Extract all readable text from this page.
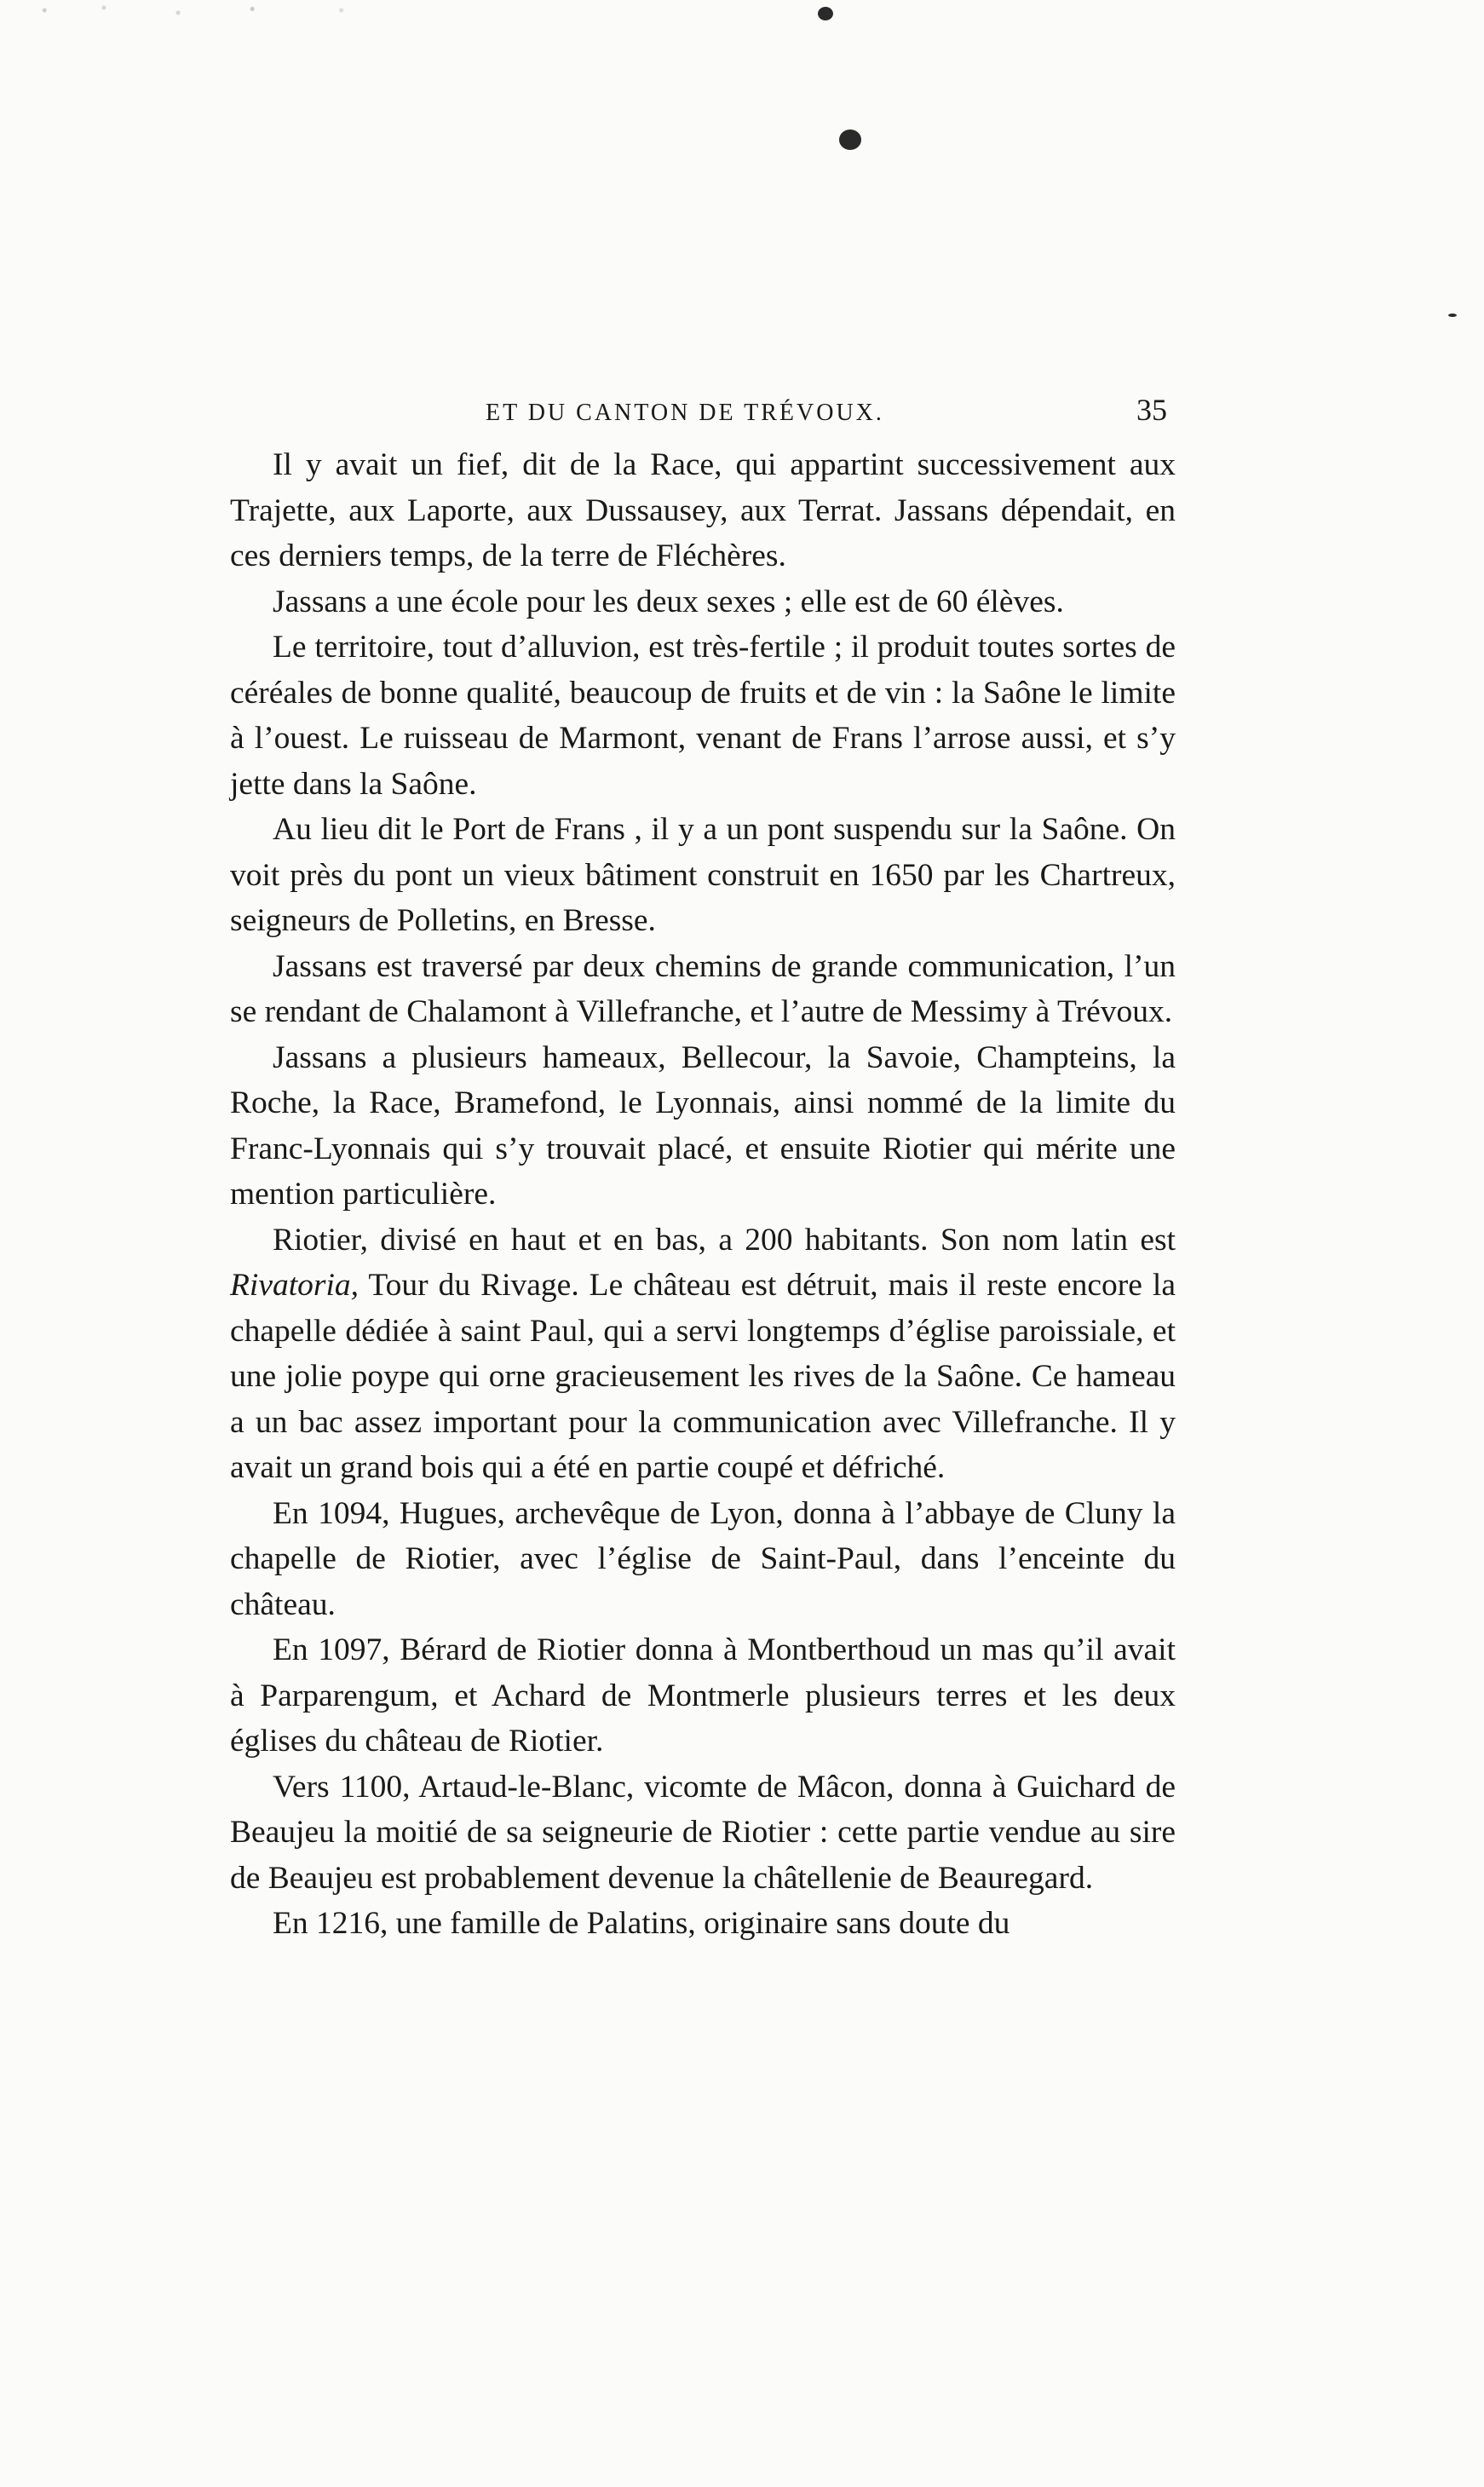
ET DU CANTON DE TRÉVOUX.	35

Il y avait un fief, dit de la Race, qui appartint successivement aux Trajette, aux Laporte, aux Dussausey, aux Terrat. Jassans dépendait, en ces derniers temps, de la terre de Fléchères.

Jassans a une école pour les deux sexes ; elle est de 60 élèves.

Le territoire, tout d’alluvion, est très-fertile ; il produit toutes sortes de céréales de bonne qualité, beaucoup de fruits et de vin : la Saône le limite à l’ouest. Le ruisseau de Marmont, venant de Frans l’arrose aussi, et s’y jette dans la Saône.

Au lieu dit le Port de Frans , il y a un pont suspendu sur la Saône. On voit près du pont un vieux bâtiment construit en 1650 par les Chartreux, seigneurs de Polletins, en Bresse.

Jassans est traversé par deux chemins de grande communication, l’un se rendant de Chalamont à Villefranche, et l’autre de Messimy à Trévoux.

Jassans a plusieurs hameaux, Bellecour, la Savoie, Champteins, la Roche, la Race, Bramefond, le Lyonnais, ainsi nommé de la limite du Franc-Lyonnais qui s’y trouvait placé, et ensuite Riotier qui mérite une mention particulière.

Riotier, divisé en haut et en bas, a 200 habitants. Son nom latin est Rivatoria, Tour du Rivage. Le château est détruit, mais il reste encore la chapelle dédiée à saint Paul, qui a servi longtemps d’église paroissiale, et une jolie poype qui orne gracieusement les rives de la Saône. Ce hameau a un bac assez important pour la communication avec Villefranche. Il y avait un grand bois qui a été en partie coupé et défriché.

En 1094, Hugues, archevêque de Lyon, donna à l’abbaye de Cluny la chapelle de Riotier, avec l’église de Saint-Paul, dans l’enceinte du château.

En 1097, Bérard de Riotier donna à Montberthoud un mas qu’il avait à Parparengum, et Achard de Montmerle plusieurs terres et les deux églises du château de Riotier.

Vers 1100, Artaud-le-Blanc, vicomte de Mâcon, donna à Guichard de Beaujeu la moitié de sa seigneurie de Riotier : cette partie vendue au sire de Beaujeu est probablement devenue la châtellenie de Beauregard.

En 1216, une famille de Palatins, originaire sans doute du
